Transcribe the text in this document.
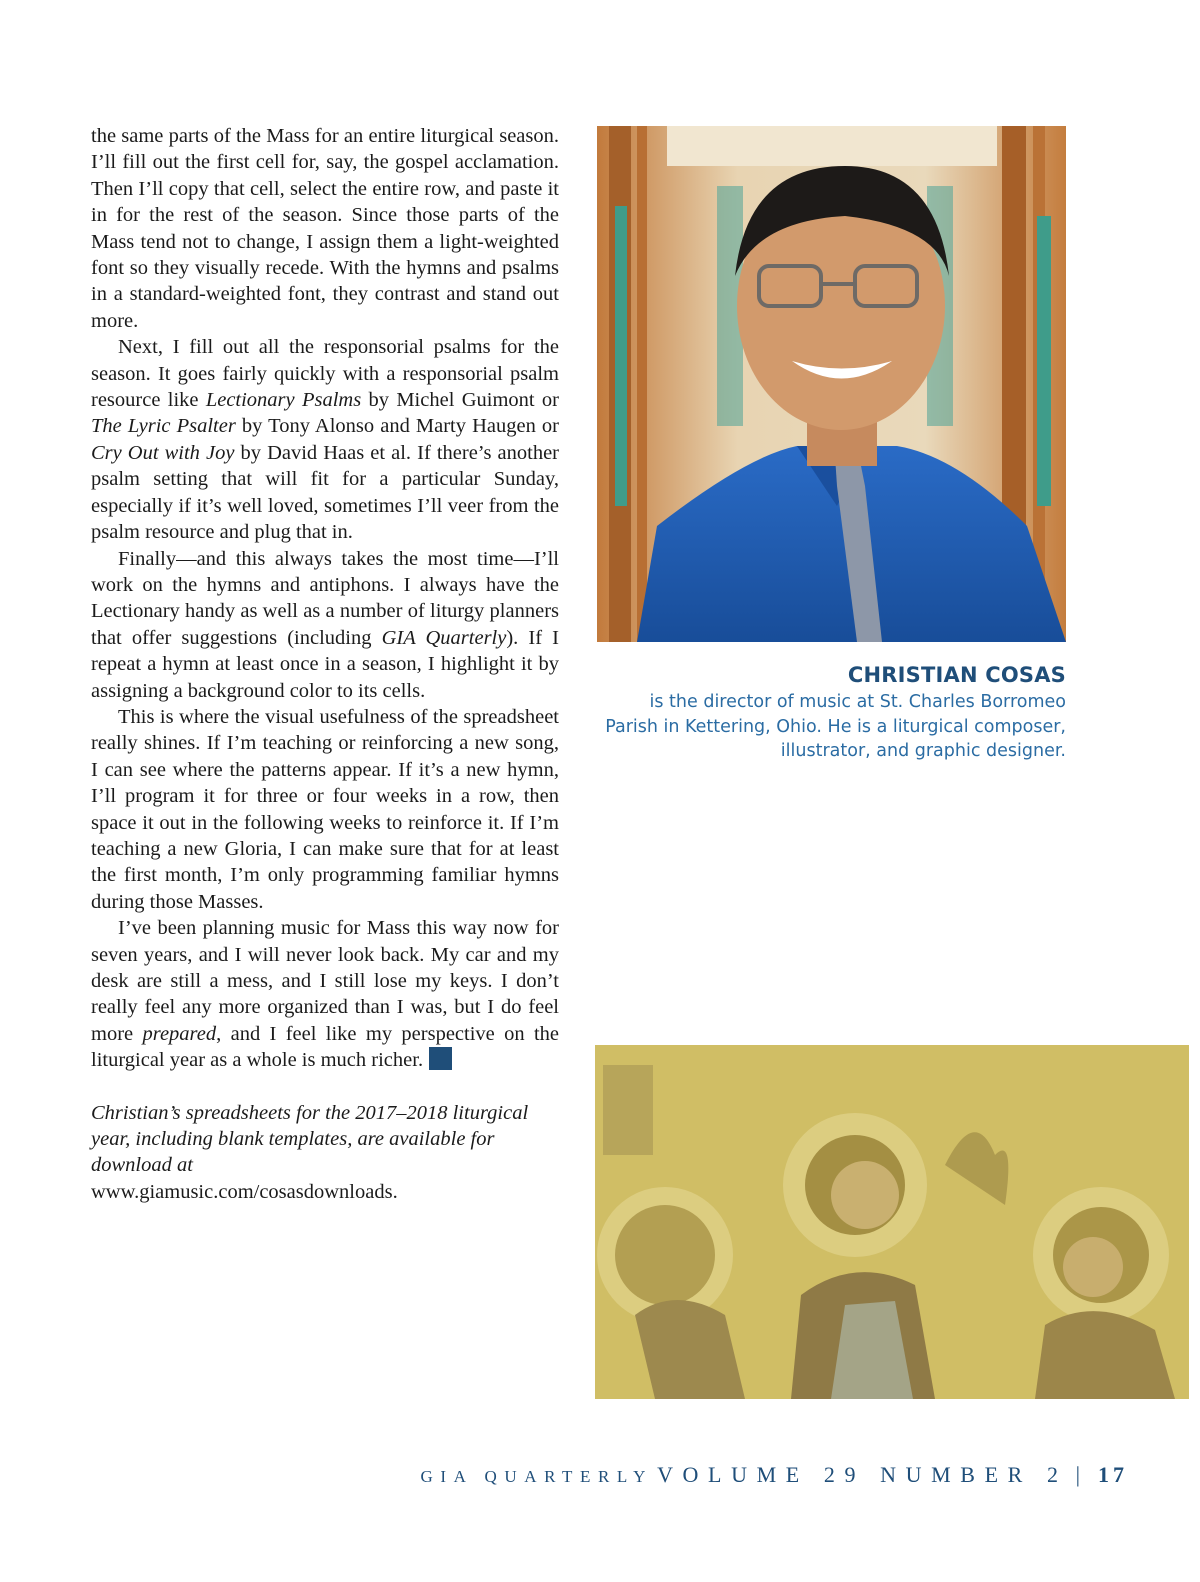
the same parts of the Mass for an entire liturgical season. I’ll fill out the first cell for, say, the gospel acclamation. Then I’ll copy that cell, select the entire row, and paste it in for the rest of the season. Since those parts of the Mass tend not to change, I assign them a light-weighted font so they visually recede. With the hymns and psalms in a standard-weighted font, they contrast and stand out more.

Next, I fill out all the responsorial psalms for the season. It goes fairly quickly with a responsorial psalm resource like Lectionary Psalms by Michel Guimont or The Lyric Psalter by Tony Alonso and Marty Haugen or Cry Out with Joy by David Haas et al. If there’s another psalm setting that will fit for a particular Sunday, especially if it’s well loved, sometimes I’ll veer from the psalm resource and plug that in.

Finally—and this always takes the most time—I’ll work on the hymns and antiphons. I always have the Lectionary handy as well as a number of liturgy planners that offer suggestions (including GIA Quarterly). If I repeat a hymn at least once in a season, I highlight it by assigning a background color to its cells.

This is where the visual usefulness of the spreadsheet really shines. If I’m teaching or reinforcing a new song, I can see where the patterns appear. If it’s a new hymn, I’ll program it for three or four weeks in a row, then space it out in the following weeks to reinforce it. If I’m teaching a new Gloria, I can make sure that for at least the first month, I’m only programming familiar hymns during those Masses.

I’ve been planning music for Mass this way now for seven years, and I will never look back. My car and my desk are still a mess, and I still lose my keys. I don’t really feel any more organized than I was, but I do feel more prepared, and I feel like my perspective on the liturgical year as a whole is much richer.

Christian’s spreadsheets for the 2017–2018 liturgical year, including blank templates, are available for download at
www.giamusic.com/cosasdownloads.

CHRISTIAN COSAS
is the director of music at St. Charles Borromeo Parish in Kettering, Ohio. He is a liturgical composer, illustrator, and graphic designer.
GIA QUARTERLY VOLUME 29 NUMBER 2 | 17
